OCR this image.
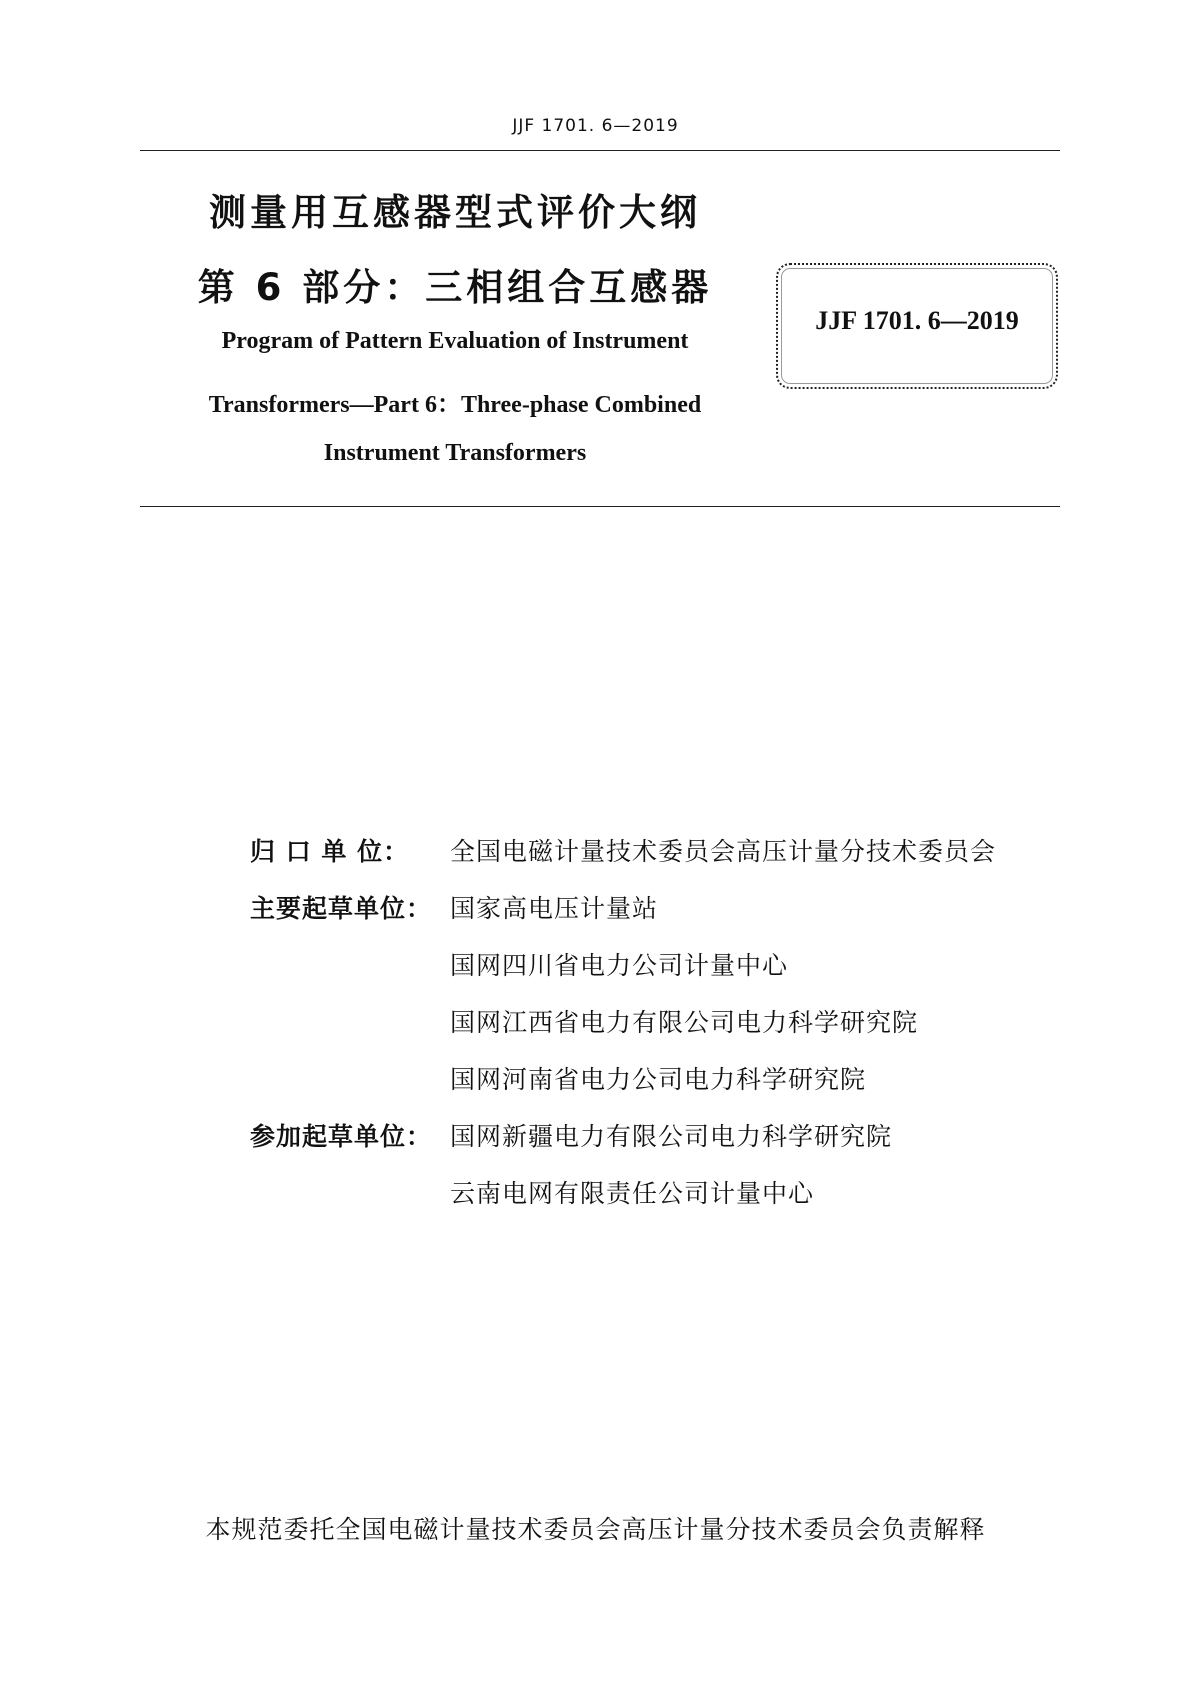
JJF 1701. 6—2019
测量用互感器型式评价大纲
第 6 部分：三相组合互感器
Program of Pattern Evaluation of Instrument
Transformers—Part 6：Three-phase Combined
Instrument Transformers
JJF 1701. 6—2019
归 口 单 位：	全国电磁计量技术委员会高压计量分技术委员会
主要起草单位： 国家高电压计量站
国网四川省电力公司计量中心
国网江西省电力有限公司电力科学研究院
国网河南省电力公司电力科学研究院
参加起草单位： 国网新疆电力有限公司电力科学研究院
云南电网有限责任公司计量中心
本规范委托全国电磁计量技术委员会高压计量分技术委员会负责解释
